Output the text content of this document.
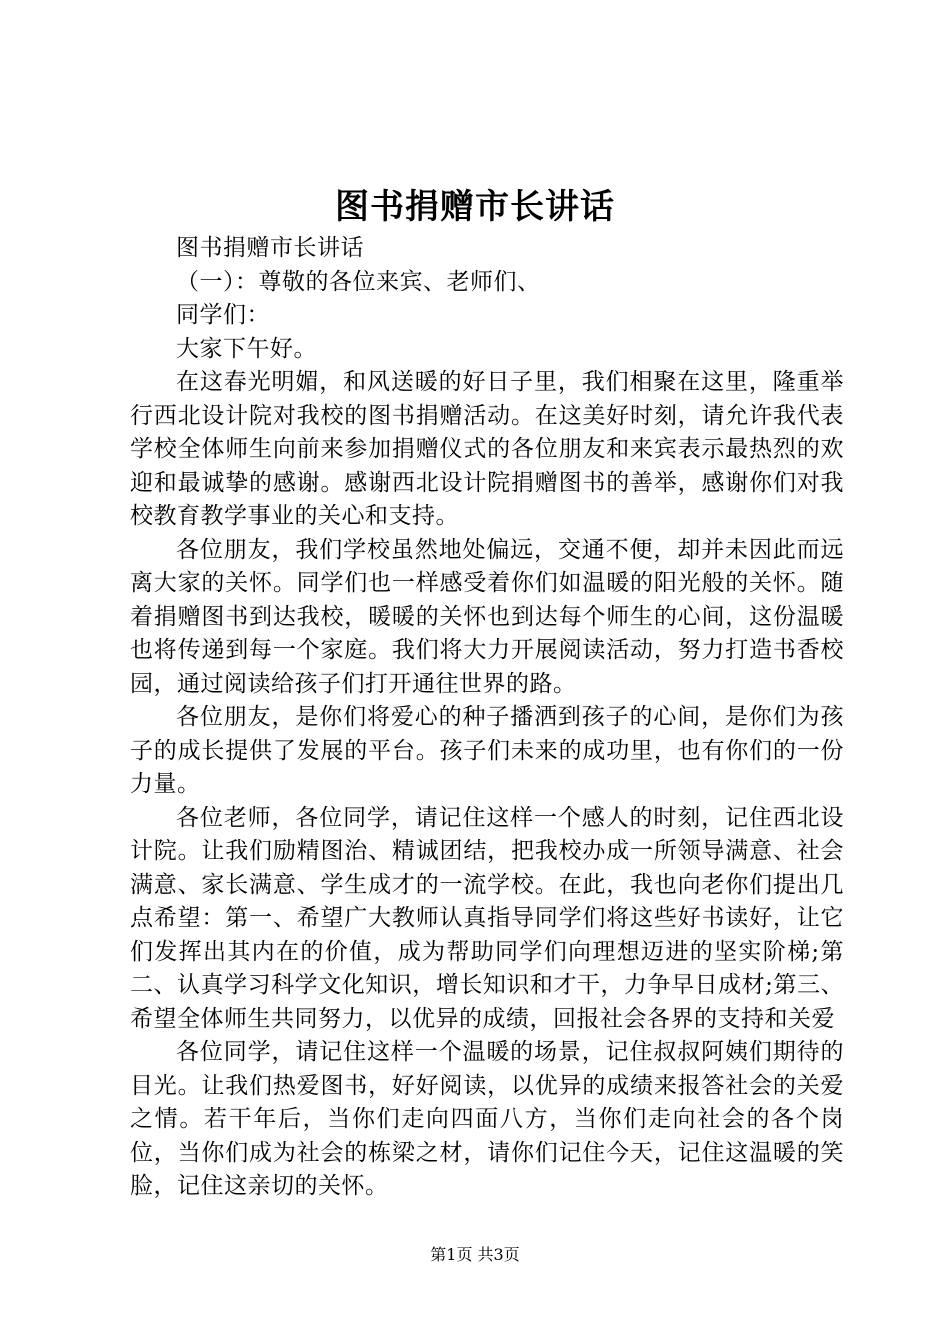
图书捐赠市长讲话

图书捐赠市长讲话

（一）：尊敬的各位来宾、老师们、

同学们：

大家下午好。

在这春光明媚，和风送暖的好日子里，我们相聚在这里，隆重举行西北设计院对我校的图书捐赠活动。在这美好时刻，请允许我代表学校全体师生向前来参加捐赠仪式的各位朋友和来宾表示最热烈的欢迎和最诚挚的感谢。感谢西北设计院捐赠图书的善举，感谢你们对我校教育教学事业的关心和支持。

各位朋友，我们学校虽然地处偏远，交通不便，却并未因此而远离大家的关怀。同学们也一样感受着你们如温暖的阳光般的关怀。随着捐赠图书到达我校，暖暖的关怀也到达每个师生的心间，这份温暖也将传递到每一个家庭。我们将大力开展阅读活动，努力打造书香校园，通过阅读给孩子们打开通往世界的路。

各位朋友，是你们将爱心的种子播洒到孩子的心间，是你们为孩子的成长提供了发展的平台。孩子们未来的成功里，也有你们的一份力量。

各位老师，各位同学，请记住这样一个感人的时刻，记住西北设计院。让我们励精图治、精诚团结，把我校办成一所领导满意、社会满意、家长满意、学生成才的一流学校。在此，我也向老你们提出几点希望：第一、希望广大教师认真指导同学们将这些好书读好，让它们发挥出其内在的价值，成为帮助同学们向理想迈进的坚实阶梯;第二、认真学习科学文化知识，增长知识和才干，力争早日成材;第三、希望全体师生共同努力，以优异的成绩，回报社会各界的支持和关爱

各位同学，请记住这样一个温暖的场景，记住叔叔阿姨们期待的目光。让我们热爱图书，好好阅读，以优异的成绩来报答社会的关爱之情。若干年后，当你们走向四面八方，当你们走向社会的各个岗位，当你们成为社会的栋梁之材，请你们记住今天，记住这温暖的笑脸，记住这亲切的关怀。

第1页 共3页
